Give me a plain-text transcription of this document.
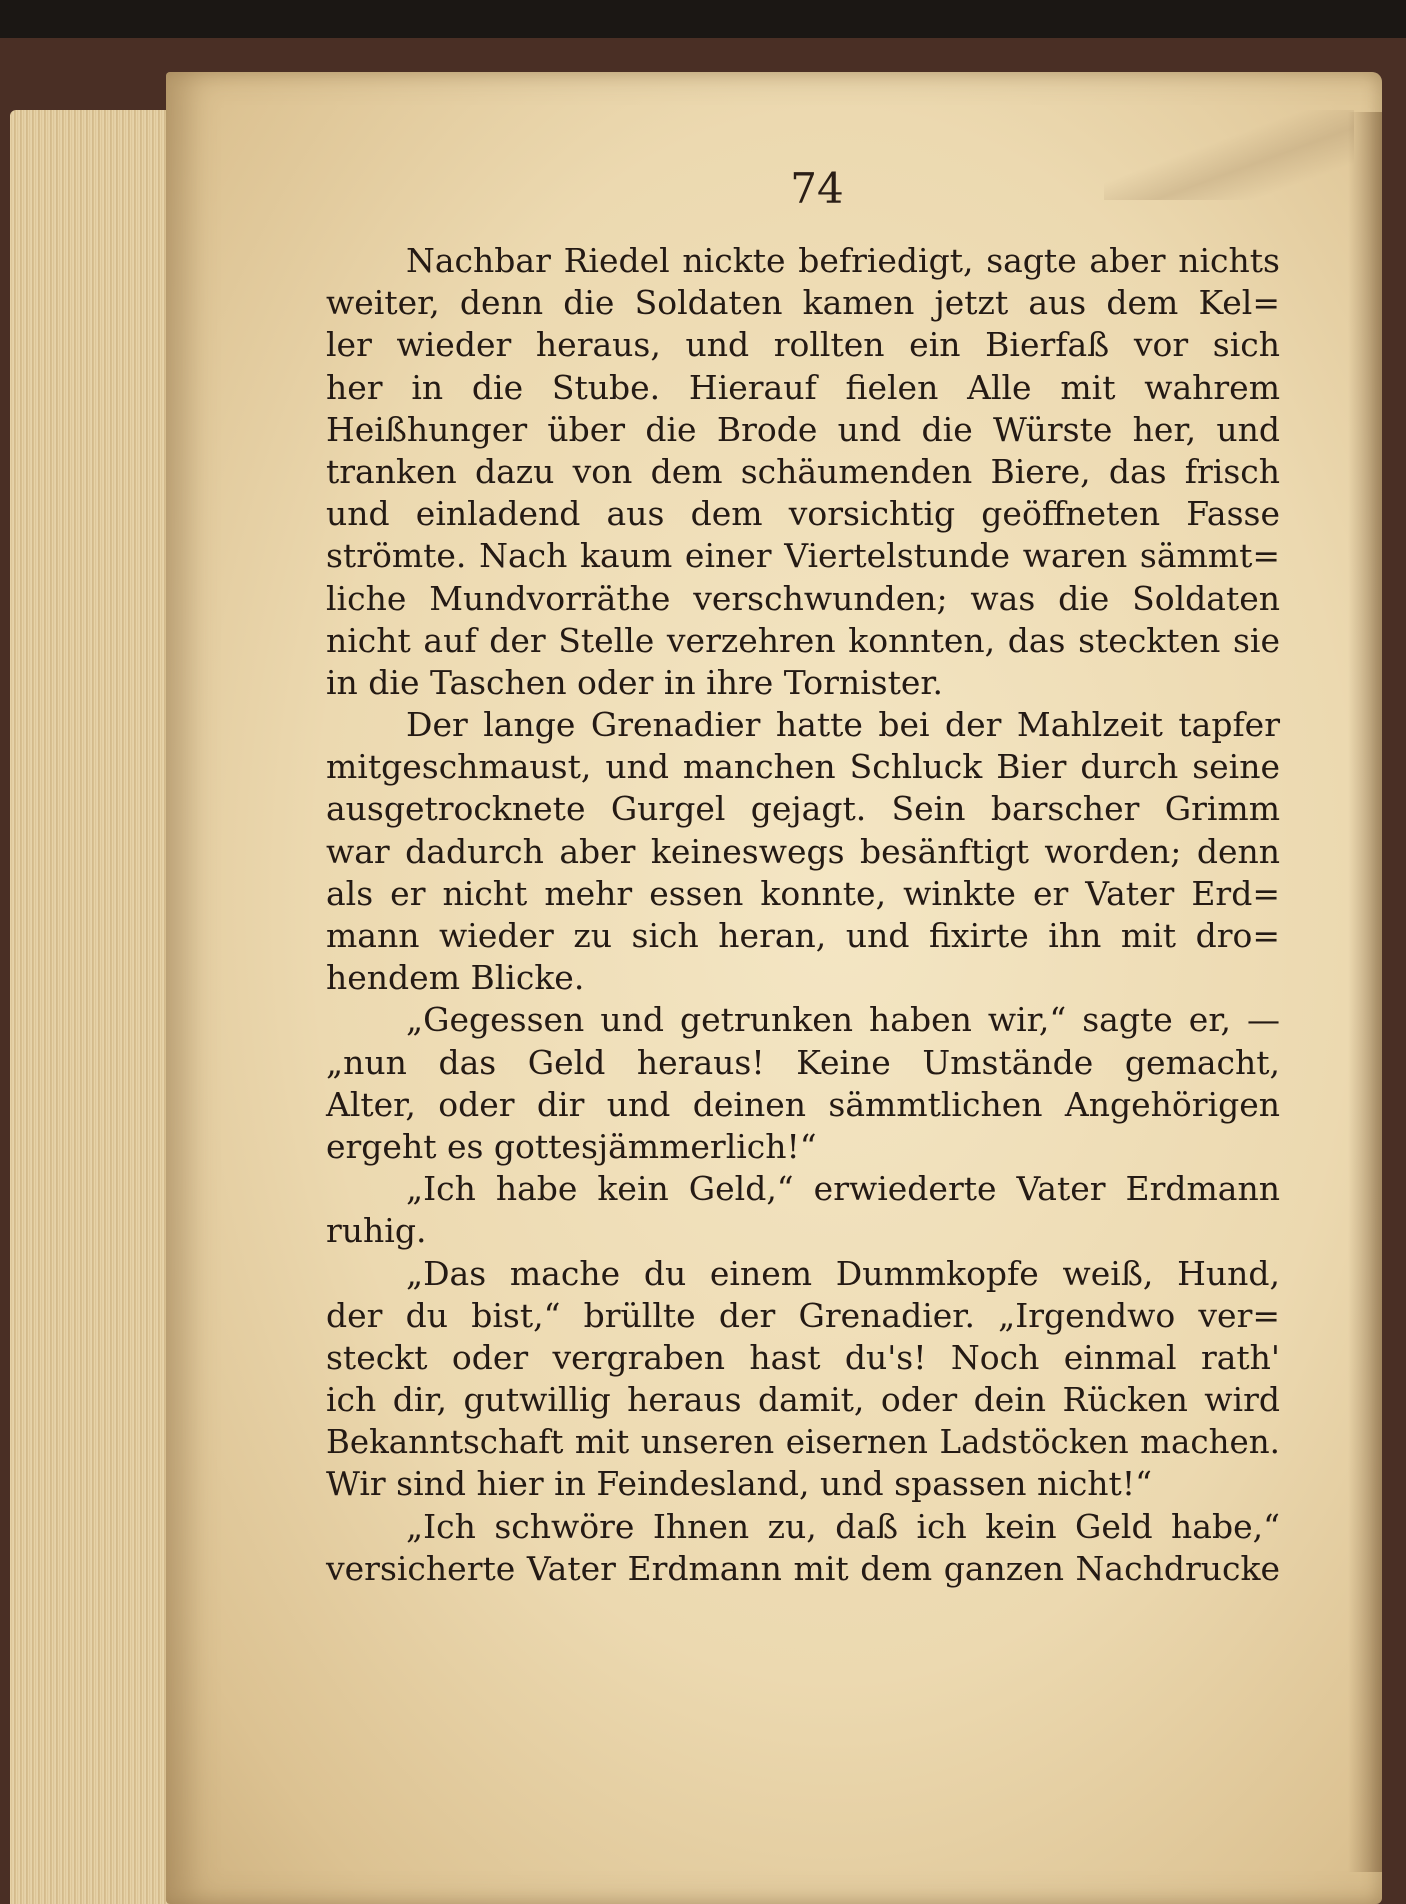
74
Nachbar Riedel nickte befriedigt, sagte aber nichts
weiter, denn die Soldaten kamen jetzt aus dem Kel=
ler wieder heraus, und rollten ein Bierfaß vor sich
her in die Stube. Hierauf fielen Alle mit wahrem
Heißhunger über die Brode und die Würste her, und
tranken dazu von dem schäumenden Biere, das frisch
und einladend aus dem vorsichtig geöffneten Fasse
strömte. Nach kaum einer Viertelstunde waren sämmt=
liche Mundvorräthe verschwunden; was die Soldaten
nicht auf der Stelle verzehren konnten, das steckten sie
in die Taschen oder in ihre Tornister.
Der lange Grenadier hatte bei der Mahlzeit tapfer
mitgeschmaust, und manchen Schluck Bier durch seine
ausgetrocknete Gurgel gejagt. Sein barscher Grimm
war dadurch aber keineswegs besänftigt worden; denn
als er nicht mehr essen konnte, winkte er Vater Erd=
mann wieder zu sich heran, und fixirte ihn mit dro=
hendem Blicke.
„Gegessen und getrunken haben wir,“ sagte er, —
„nun das Geld heraus! Keine Umstände gemacht,
Alter, oder dir und deinen sämmtlichen Angehörigen
ergeht es gottesjämmerlich!“
„Ich habe kein Geld,“ erwiederte Vater Erdmann
ruhig.
„Das mache du einem Dummkopfe weiß, Hund,
der du bist,“ brüllte der Grenadier. „Irgendwo ver=
steckt oder vergraben hast du's! Noch einmal rath'
ich dir, gutwillig heraus damit, oder dein Rücken wird
Bekanntschaft mit unseren eisernen Ladstöcken machen.
Wir sind hier in Feindesland, und spassen nicht!“
„Ich schwöre Ihnen zu, daß ich kein Geld habe,“
versicherte Vater Erdmann mit dem ganzen Nachdrucke
